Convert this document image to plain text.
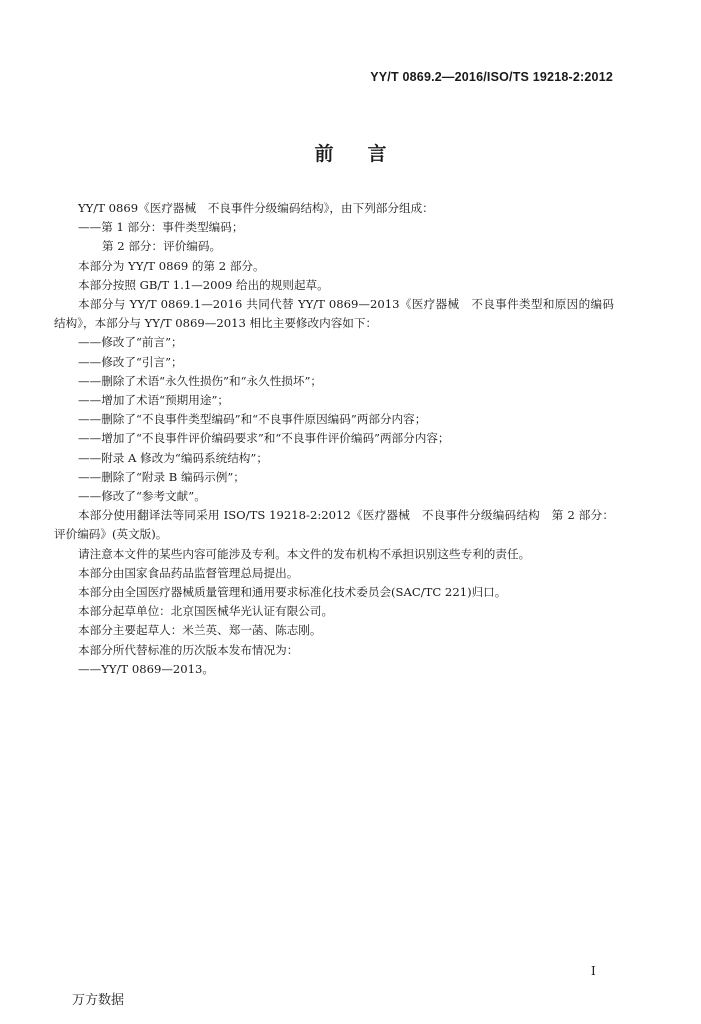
YY/T 0869.2—2016/ISO/TS 19218-2:2012
前言

YY/T 0869《医疗器械　不良事件分级编码结构》，由下列部分组成：

——第 1 部分：事件类型编码；

第 2 部分：评价编码。

本部分为 YY/T 0869 的第 2 部分。

本部分按照 GB/T 1.1—2009 给出的规则起草。

本部分与 YY/T 0869.1—2016 共同代替 YY/T 0869—2013《医疗器械　不良事件类型和原因的编码结构》，本部分与 YY/T 0869—2013 相比主要修改内容如下：

——修改了“前言”；

——修改了“引言”；

——删除了术语“永久性损伤”和“永久性损坏”；

——增加了术语“预期用途”；

——删除了“不良事件类型编码”和“不良事件原因编码”两部分内容；

——增加了“不良事件评价编码要求”和“不良事件评价编码”两部分内容；

——附录 A 修改为“编码系统结构”；

——删除了“附录 B 编码示例”；

——修改了“参考文献”。

本部分使用翻译法等同采用 ISO/TS 19218-2:2012《医疗器械　不良事件分级编码结构　第 2 部分：评价编码》(英文版)。

请注意本文件的某些内容可能涉及专利。本文件的发布机构不承担识别这些专利的责任。

本部分由国家食品药品监督管理总局提出。

本部分由全国医疗器械质量管理和通用要求标准化技术委员会(SAC/TC 221)归口。

本部分起草单位：北京国医械华光认证有限公司。

本部分主要起草人：米兰英、郑一菡、陈志刚。

本部分所代替标准的历次版本发布情况为：

——YY/T 0869—2013。

I
万方数据
